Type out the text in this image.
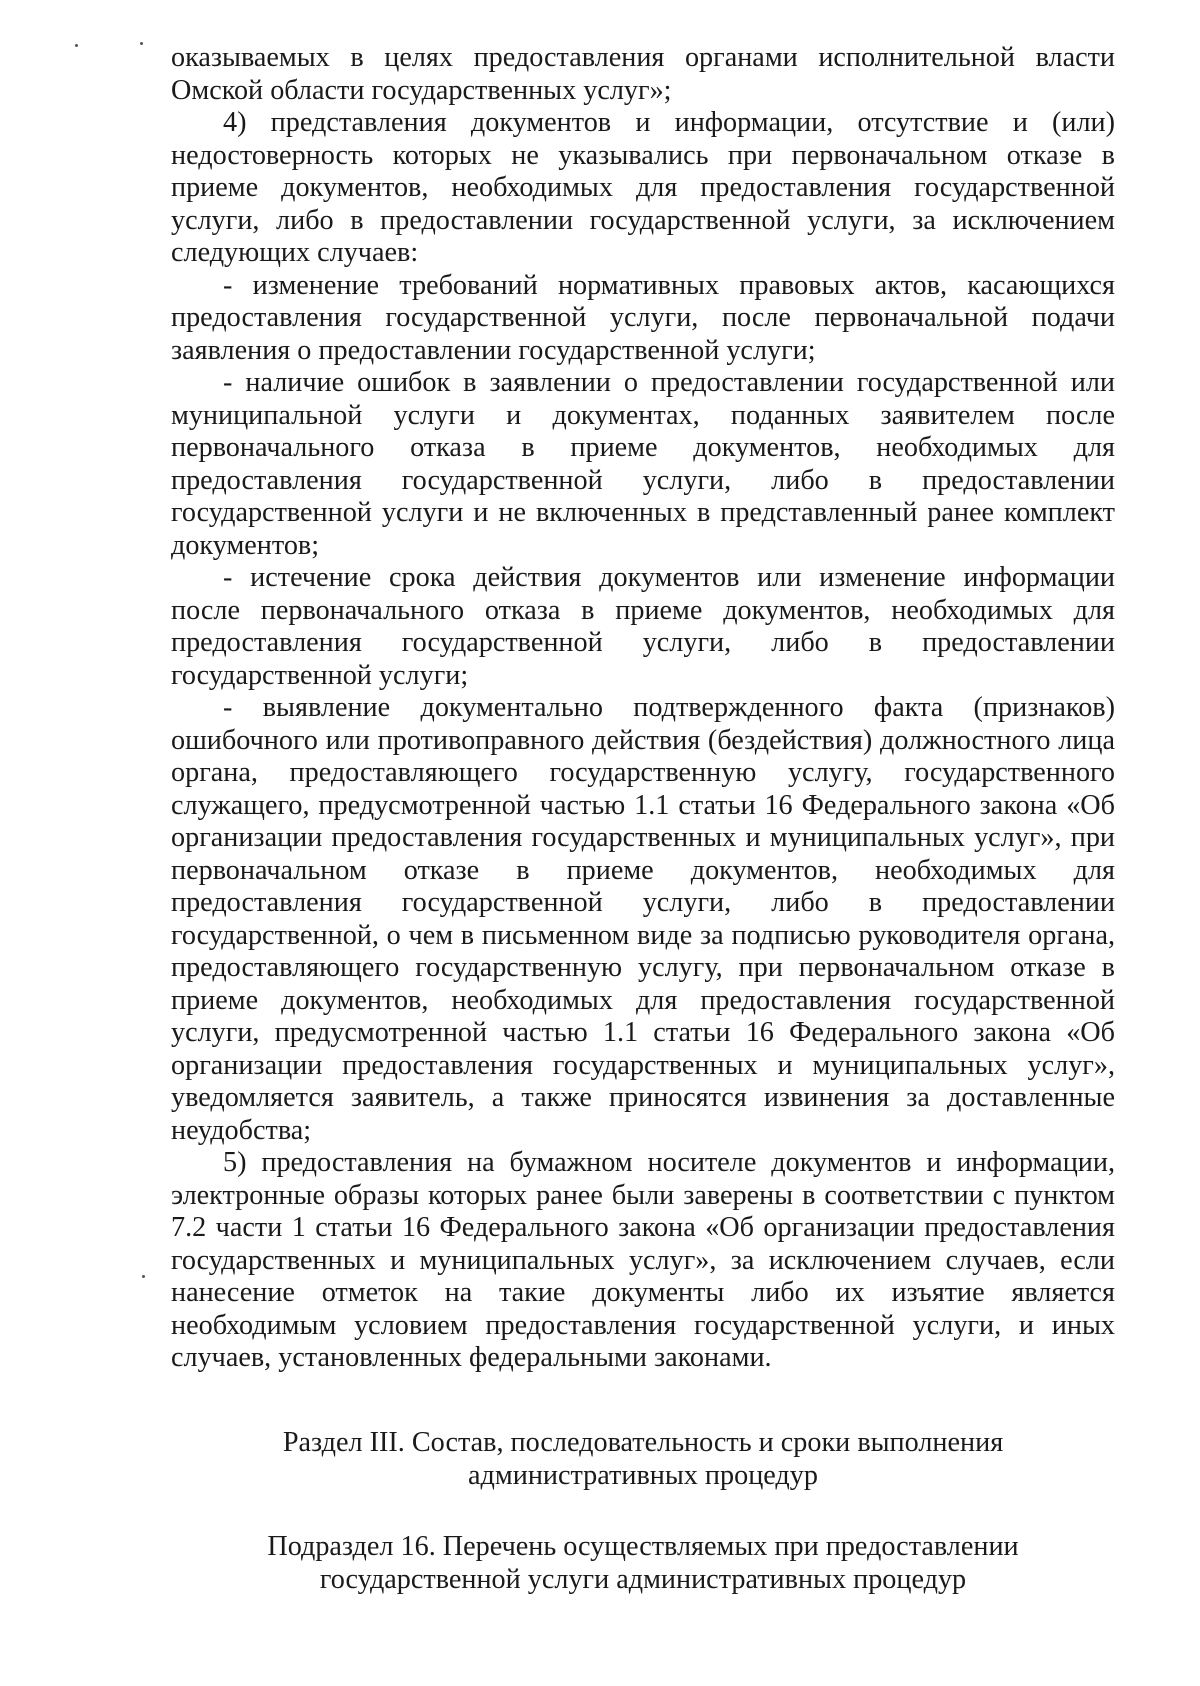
оказываемых в целях предоставления органами исполнительной власти Омской области государственных услуг»;

4) представления документов и информации, отсутствие и (или) недостоверность которых не указывались при первоначальном отказе в приеме документов, необходимых для предоставления государственной услуги, либо в предоставлении государственной услуги, за исключением следующих случаев:

- изменение требований нормативных правовых актов, касающихся предоставления государственной услуги, после первоначальной подачи заявления о предоставлении государственной услуги;

- наличие ошибок в заявлении о предоставлении государственной или муниципальной услуги и документах, поданных заявителем после первоначального отказа в приеме документов, необходимых для предоставления государственной услуги, либо в предоставлении государственной услуги и не включенных в представленный ранее комплект документов;

- истечение срока действия документов или изменение информации после первоначального отказа в приеме документов, необходимых для предоставления государственной услуги, либо в предоставлении государственной услуги;

- выявление документально подтвержденного факта (признаков) ошибочного или противоправного действия (бездействия) должностного лица органа, предоставляющего государственную услугу, государственного служащего, предусмотренной частью 1.1 статьи 16 Федерального закона «Об организации предоставления государственных и муниципальных услуг», при первоначальном отказе в приеме документов, необходимых для предоставления государственной услуги, либо в предоставлении государственной, о чем в письменном виде за подписью руководителя органа, предоставляющего государственную услугу, при первоначальном отказе в приеме документов, необходимых для предоставления государственной услуги, предусмотренной частью 1.1 статьи 16 Федерального закона «Об организации предоставления государственных и муниципальных услуг», уведомляется заявитель, а также приносятся извинения за доставленные неудобства;

5) предоставления на бумажном носителе документов и информации, электронные образы которых ранее были заверены в соответствии с пунктом 7.2 части 1 статьи 16 Федерального закона «Об организации предоставления государственных и муниципальных услуг», за исключением случаев, если нанесение отметок на такие документы либо их изъятие является необходимым условием предоставления государственной услуги, и иных случаев, установленных федеральными законами.

Раздел III. Состав, последовательность и сроки выполнения
административных процедур
Подраздел 16. Перечень осуществляемых при предоставлении
государственной услуги административных процедур
